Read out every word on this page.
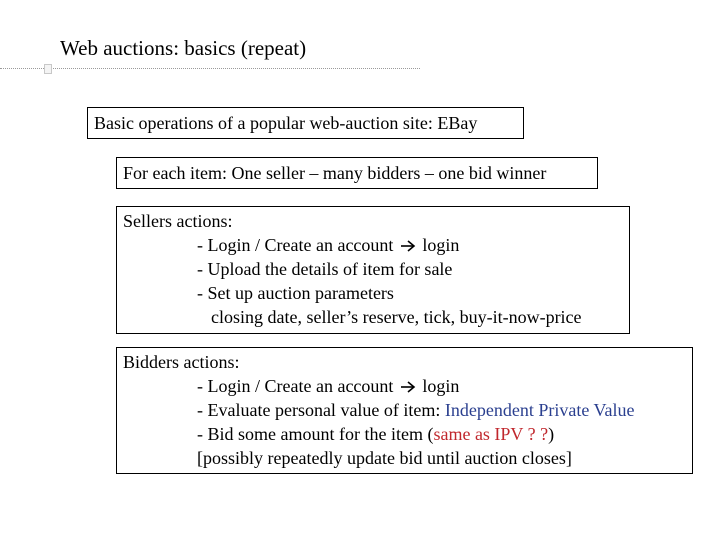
Web auctions: basics (repeat)
Basic operations of a popular web-auction site: EBay
For each item: One seller – many bidders – one bid winner
Sellers actions:
- Login / Create an account login
- Upload the details of item for sale
- Set up auction parameters
closing date, seller’s reserve, tick, buy-it-now-price
Bidders actions:
- Login / Create an account login
- Evaluate personal value of item: Independent Private Value
- Bid some amount for the item (same as IPV ? ?)
[possibly repeatedly update bid until auction closes]
